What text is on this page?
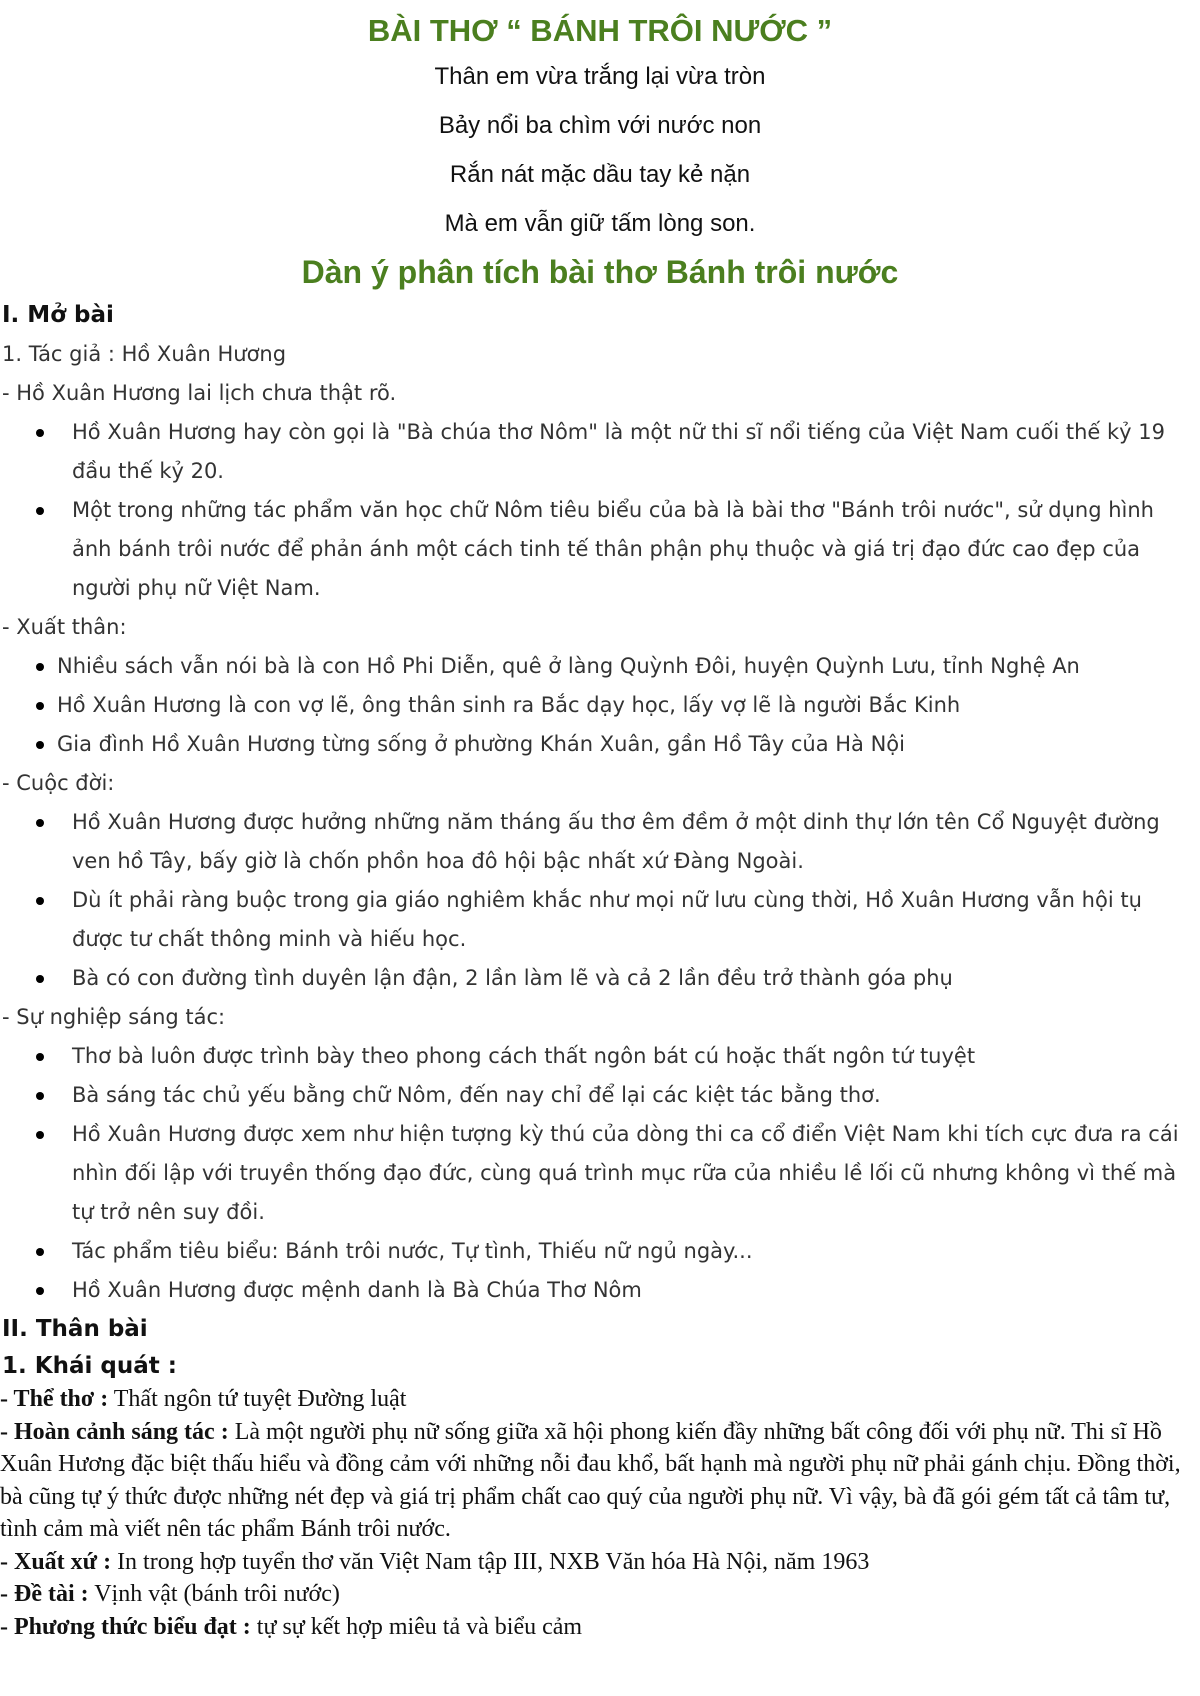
BÀI THƠ “ BÁNH TRÔI NƯỚC ”
Thân em vừa trắng lại vừa tròn
Bảy nổi ba chìm với nước non
Rắn nát mặc dầu tay kẻ nặn
Mà em vẫn giữ tấm lòng son.
Dàn ý phân tích bài thơ Bánh trôi nước
I. Mở bài
1. Tác giả : Hồ Xuân Hương
- Hồ Xuân Hương lai lịch chưa thật rõ.
Hồ Xuân Hương hay còn gọi là "Bà chúa thơ Nôm" là một nữ thi sĩ nổi tiếng của Việt Nam cuối thế kỷ 19 đầu thế kỷ 20.
Một trong những tác phẩm văn học chữ Nôm tiêu biểu của bà là bài thơ "Bánh trôi nước", sử dụng hình ảnh bánh trôi nước để phản ánh một cách tinh tế thân phận phụ thuộc và giá trị đạo đức cao đẹp của người phụ nữ Việt Nam.
- Xuất thân:
Nhiều sách vẫn nói bà là con Hồ Phi Diễn, quê ở làng Quỳnh Đôi, huyện Quỳnh Lưu, tỉnh Nghệ An
Hồ Xuân Hương là con vợ lẽ, ông thân sinh ra Bắc dạy học, lấy vợ lẽ là người Bắc Kinh
Gia đình Hồ Xuân Hương từng sống ở phường Khán Xuân, gần Hồ Tây của Hà Nội
- Cuộc đời:
Hồ Xuân Hương được hưởng những năm tháng ấu thơ êm đềm ở một dinh thự lớn tên Cổ Nguyệt đường ven hồ Tây, bấy giờ là chốn phồn hoa đô hội bậc nhất xứ Đàng Ngoài.
Dù ít phải ràng buộc trong gia giáo nghiêm khắc như mọi nữ lưu cùng thời, Hồ Xuân Hương vẫn hội tụ được tư chất thông minh và hiếu học.
Bà có con đường tình duyên lận đận, 2 lần làm lẽ và cả 2 lần đều trở thành góa phụ
- Sự nghiệp sáng tác:
Thơ bà luôn được trình bày theo phong cách thất ngôn bát cú hoặc thất ngôn tứ tuyệt
Bà sáng tác chủ yếu bằng chữ Nôm, đến nay chỉ để lại các kiệt tác bằng thơ.
Hồ Xuân Hương được xem như hiện tượng kỳ thú của dòng thi ca cổ điển Việt Nam khi tích cực đưa ra cái nhìn đối lập với truyền thống đạo đức, cùng quá trình mục rữa của nhiều lề lối cũ nhưng không vì thế mà tự trở nên suy đồi.
Tác phẩm tiêu biểu: Bánh trôi nước, Tự tình, Thiếu nữ ngủ ngày...
Hồ Xuân Hương được mệnh danh là Bà Chúa Thơ Nôm
II. Thân bài
1. Khái quát :

- Thể thơ : Thất ngôn tứ tuyệt Đường luật

- Hoàn cảnh sáng tác : Là một người phụ nữ sống giữa xã hội phong kiến đầy những bất công đối với phụ nữ. Thi sĩ Hồ Xuân Hương đặc biệt thấu hiểu và đồng cảm với những nỗi đau khổ, bất hạnh mà người phụ nữ phải gánh chịu. Đồng thời, bà cũng tự ý thức được những nét đẹp và giá trị phẩm chất cao quý của người phụ nữ. Vì vậy, bà đã gói gém tất cả tâm tư, tình cảm mà viết nên tác phẩm Bánh trôi nước.

- Xuất xứ : In trong hợp tuyển thơ văn Việt Nam tập III, NXB Văn hóa Hà Nội, năm 1963

- Đề tài : Vịnh vật (bánh trôi nước)

- Phương thức biểu đạt : tự sự kết hợp miêu tả và biểu cảm
